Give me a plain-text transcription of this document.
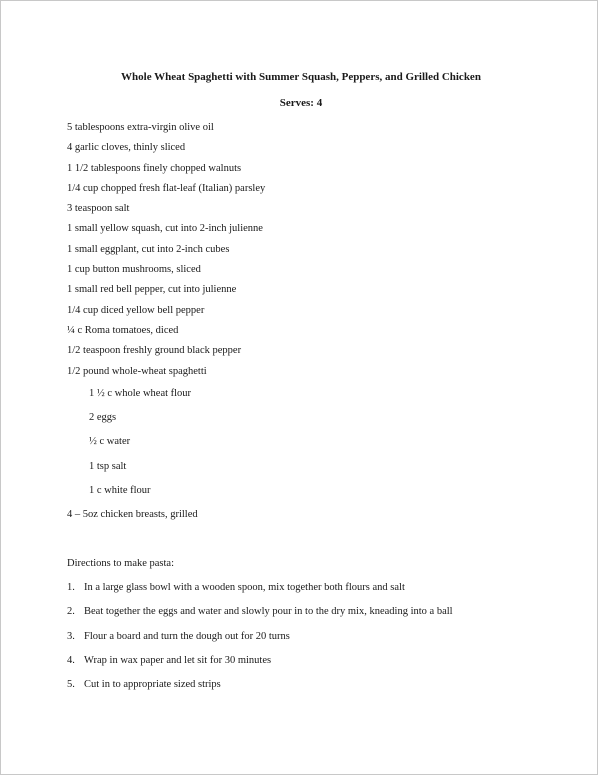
Whole Wheat Spaghetti with Summer Squash, Peppers, and Grilled Chicken
Serves: 4
5 tablespoons extra-virgin olive oil
4 garlic cloves, thinly sliced
1 1/2 tablespoons finely chopped walnuts
1/4 cup chopped fresh flat-leaf (Italian) parsley
3 teaspoon salt
1 small yellow squash, cut into 2-inch julienne
1 small eggplant, cut into 2-inch cubes
1 cup button mushrooms, sliced
1 small red bell pepper, cut into julienne
1/4 cup diced yellow bell pepper
¼ c Roma tomatoes, diced
1/2 teaspoon freshly ground black pepper
1/2 pound whole-wheat spaghetti
1 ½ c whole wheat flour
2 eggs
½ c water
1 tsp salt
1 c white flour
4 – 5oz chicken breasts, grilled
Directions to make pasta:
1. In a large glass bowl with a wooden spoon, mix together both flours and salt
2. Beat together the eggs and water and slowly pour in to the dry mix, kneading into a ball
3. Flour a board and turn the dough out for 20 turns
4. Wrap in wax paper and let sit for 30 minutes
5. Cut in to appropriate sized strips
